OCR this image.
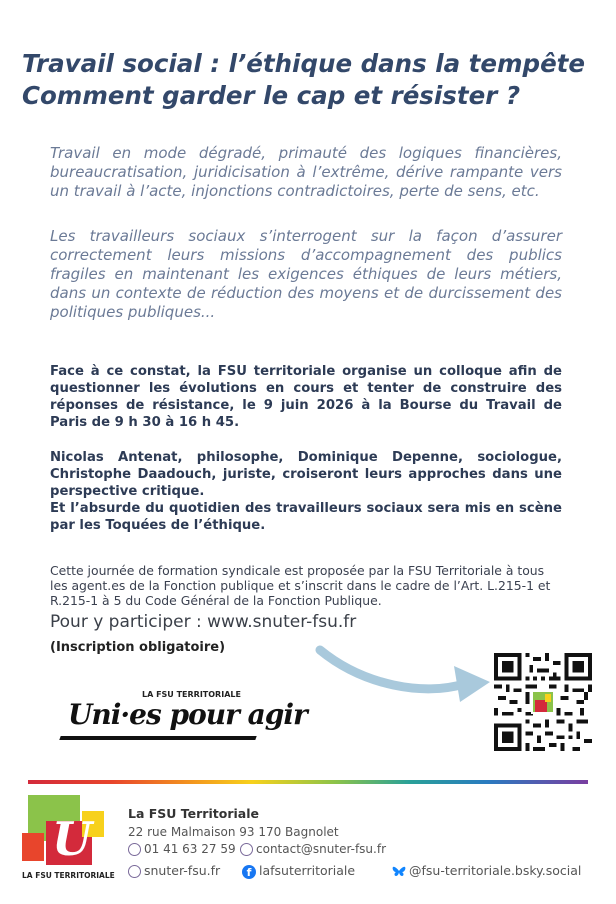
Travail social : l’éthique dans la tempête
Comment garder le cap et résister ?
Travail en mode dégradé, primauté des logiques financières, bureaucratisation, juridicisation à l’extrême, dérive rampante vers un travail à l’acte, injonctions contradictoires, perte de sens, etc.
Les travailleurs sociaux s’interrogent sur la façon d’assurer correctement leurs missions d’accompagnement des publics fragiles en maintenant les exigences éthiques de leurs métiers, dans un contexte de réduction des moyens et de durcissement des politiques publiques...
Face à ce constat, la FSU territoriale organise un colloque afin de questionner les évolutions en cours et tenter de construire des réponses de résistance, le 9 juin 2026 à la Bourse du Travail de Paris de 9 h 30 à 16 h 45.
Nicolas Antenat, philosophe, Dominique Depenne, sociologue, Christophe Daadouch, juriste, croiseront leurs approches dans une perspective critique.
Et l’absurde du quotidien des travailleurs sociaux sera mis en scène par les Toquées de l’éthique.
Cette journée de formation syndicale est proposée par la FSU Territoriale à tous les agent.es de la Fonction publique et s’inscrit dans le cadre de l’Art. L.215-1 et R.215-1 à 5 du Code Général de la Fonction Publique.
Pour y participer : www.snuter-fsu.fr
(Inscription obligatoire)
LA FSU TERRITORIALE
Uni·es pour agir
U
LA FSU TERRITORIALE
La FSU Territoriale
22 rue Malmaison 93 170 Bagnolet
01 41 63 27 59	contact@snuter-fsu.fr
snuter-fsu.fr	f lafsuterritoriale	@fsu-territoriale.bsky.social
